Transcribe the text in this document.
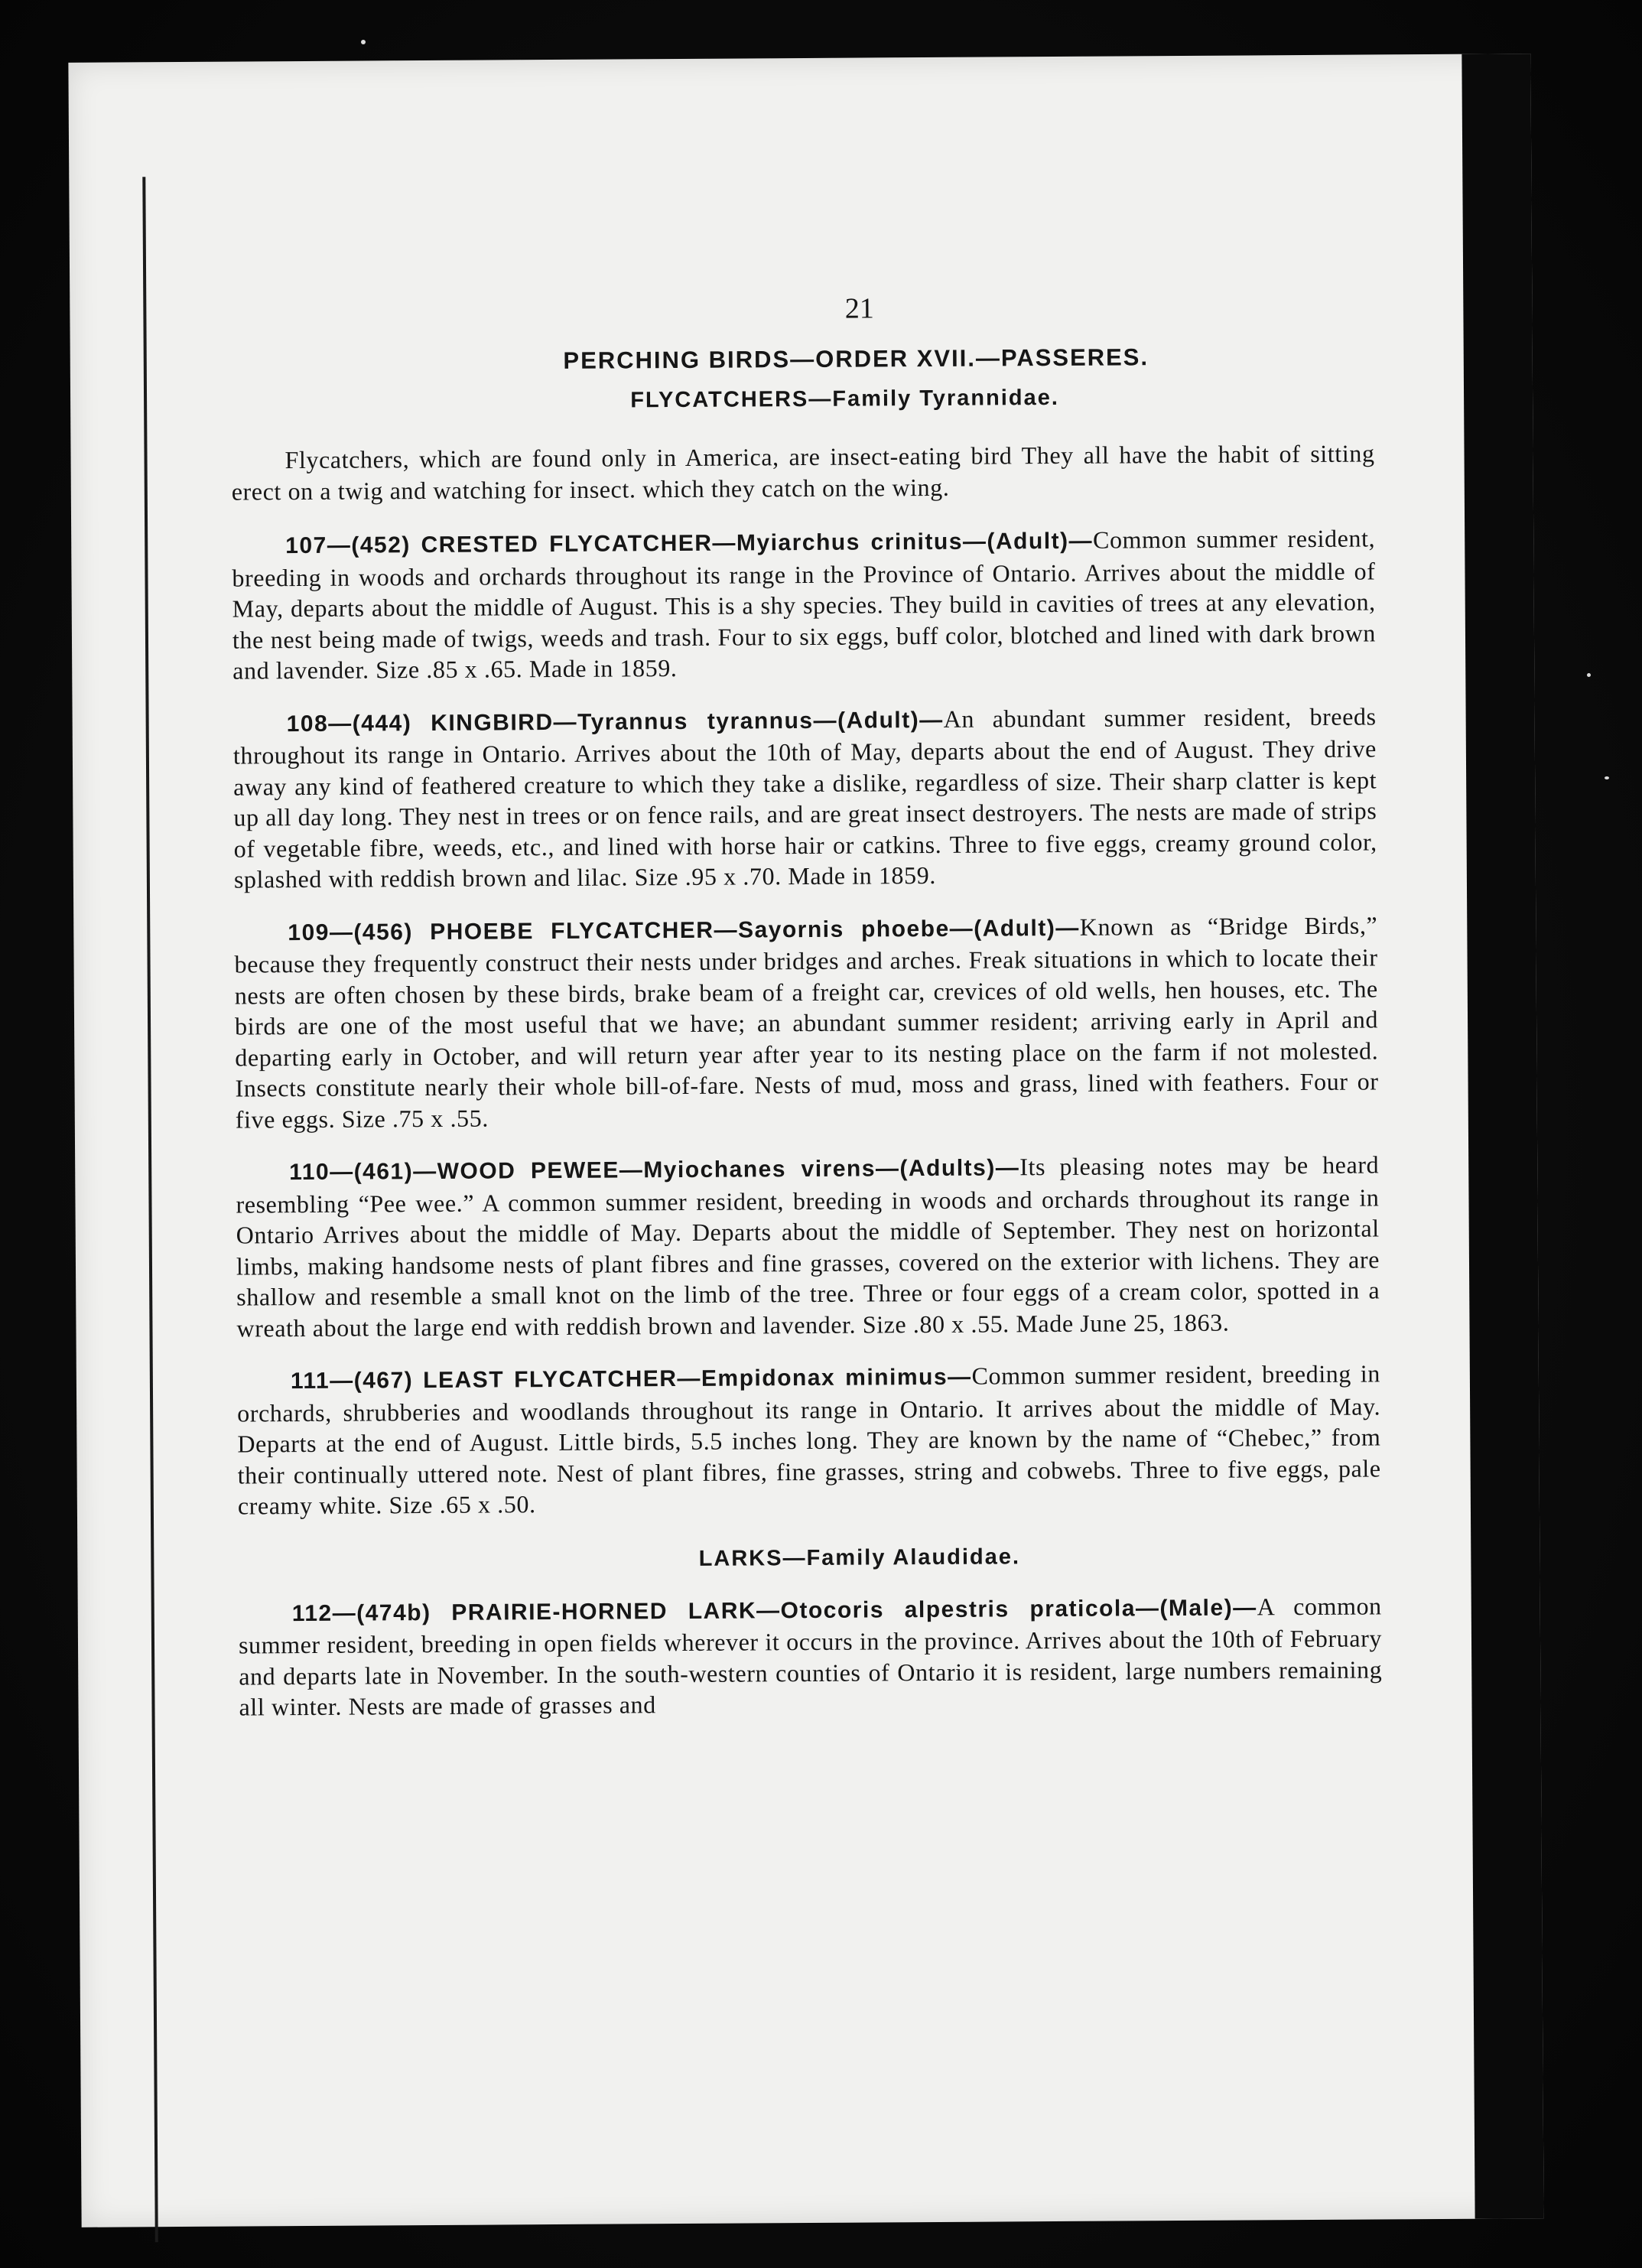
21
PERCHING BIRDS—ORDER XVII.—PASSERES.
FLYCATCHERS—Family Tyrannidae.

Flycatchers, which are found only in America, are insect-eating bird They all have the habit of sitting erect on a twig and watching for insect. which they catch on the wing.

107—(452) CRESTED FLYCATCHER—Myiarchus crinitus—(Adult)—Common summer resident, breeding in woods and orchards throughout its range in the Province of Ontario. Arrives about the middle of May, departs about the middle of August. This is a shy species. They build in cavities of trees at any elevation, the nest being made of twigs, weeds and trash. Four to six eggs, buff color, blotched and lined with dark brown and lavender. Size .85 x .65. Made in 1859.

108—(444) KINGBIRD—Tyrannus tyrannus—(Adult)—An abundant summer resident, breeds throughout its range in Ontario. Arrives about the 10th of May, departs about the end of August. They drive away any kind of feathered creature to which they take a dislike, regardless of size. Their sharp clatter is kept up all day long. They nest in trees or on fence rails, and are great insect destroyers. The nests are made of strips of vegetable fibre, weeds, etc., and lined with horse hair or catkins. Three to five eggs, creamy ground color, splashed with reddish brown and lilac. Size .95 x .70. Made in 1859.

109—(456) PHOEBE FLYCATCHER—Sayornis phoebe—(Adult)—Known as “Bridge Birds,” because they frequently construct their nests under bridges and arches. Freak situations in which to locate their nests are often chosen by these birds, brake beam of a freight car, crevices of old wells, hen houses, etc. The birds are one of the most useful that we have; an abundant summer resident; arriving early in April and departing early in October, and will return year after year to its nesting place on the farm if not molested. Insects constitute nearly their whole bill-of-fare. Nests of mud, moss and grass, lined with feathers. Four or five eggs. Size .75 x .55.

110—(461)—WOOD PEWEE—Myiochanes virens—(Adults)—Its pleasing notes may be heard resembling “Pee wee.” A common summer resident, breeding in woods and orchards throughout its range in Ontario Arrives about the middle of May. Departs about the middle of September. They nest on horizontal limbs, making handsome nests of plant fibres and fine grasses, covered on the exterior with lichens. They are shallow and resemble a small knot on the limb of the tree. Three or four eggs of a cream color, spotted in a wreath about the large end with reddish brown and lavender. Size .80 x .55. Made June 25, 1863.

111—(467) LEAST FLYCATCHER—Empidonax minimus—Common summer resident, breeding in orchards, shrubberies and woodlands throughout its range in Ontario. It arrives about the middle of May. Departs at the end of August. Little birds, 5.5 inches long. They are known by the name of “Chebec,” from their continually uttered note. Nest of plant fibres, fine grasses, string and cobwebs. Three to five eggs, pale creamy white. Size .65 x .50.

LARKS—Family Alaudidae.

112—(474b) PRAIRIE-HORNED LARK—Otocoris alpestris praticola—(Male)—A common summer resident, breeding in open fields wherever it occurs in the province. Arrives about the 10th of February and departs late in November. In the south-western counties of Ontario it is resident, large numbers remaining all winter. Nests are made of grasses and
